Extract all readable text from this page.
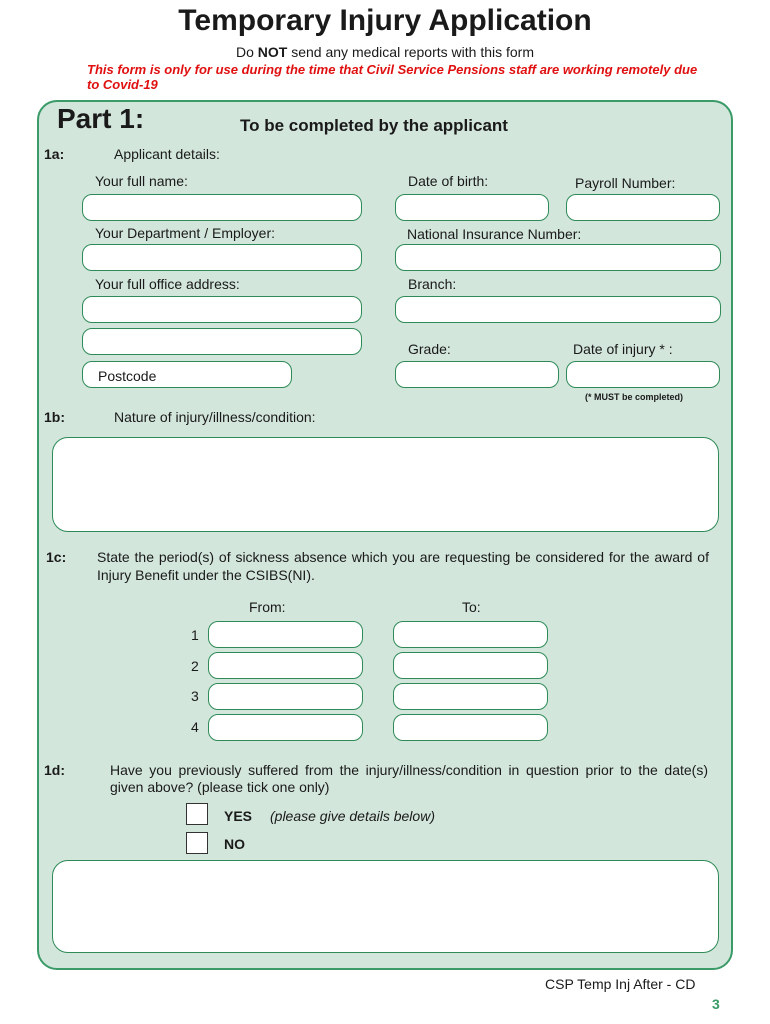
Temporary Injury Application
Do NOT send any medical reports with this form
This form is only for use during the time that Civil Service Pensions staff are working remotely due to Covid-19
Part 1:	To be completed by the applicant
1a:	Applicant details:
Your full name:	Date of birth:	Payroll Number:
Your Department / Employer:	National Insurance Number:
Your full office address:	Branch:
Grade:	Date of injury * :
Postcode
(* MUST be completed)
1b:	Nature of injury/illness/condition:
1c: State the period(s) of sickness absence which you are requesting be considered for the award of Injury Benefit under the CSIBS(NI).
From:	To:
1
2
3
4
1d:	Have you previously suffered from the injury/illness/condition in question prior to the date(s) given above? (please tick one only)
YES (please give details below)
NO
CSP Temp Inj After - CD
3
